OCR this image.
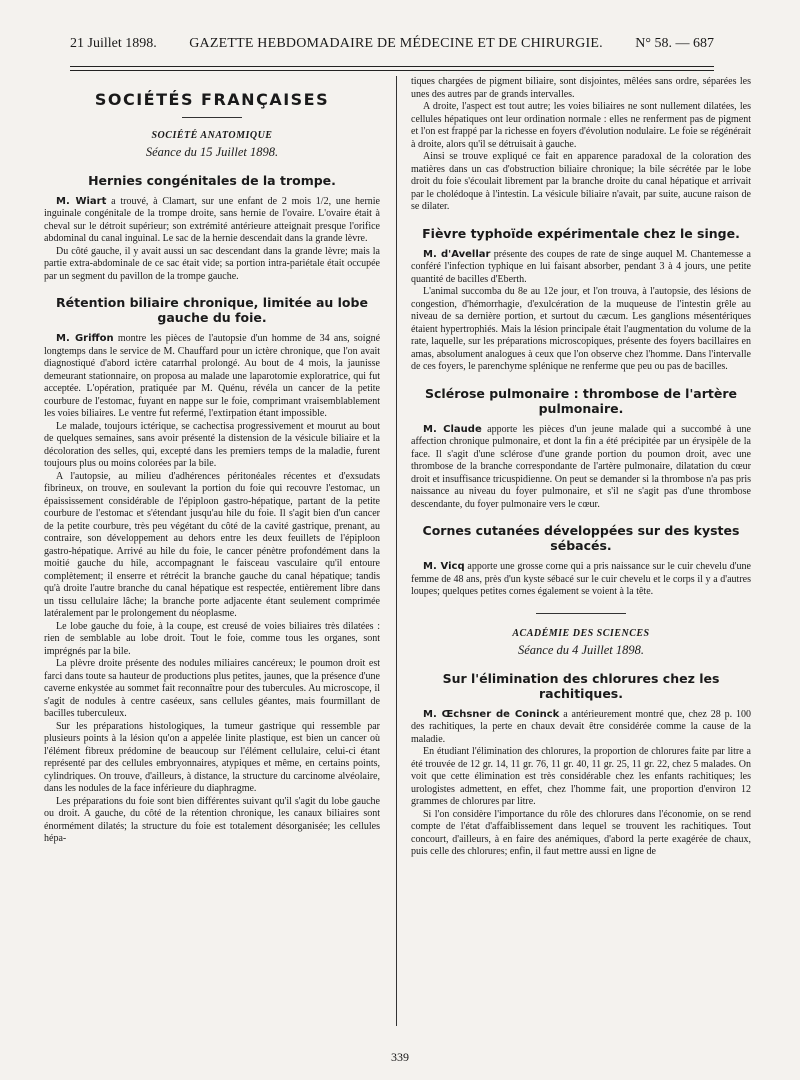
21 Juillet 1898. GAZETTE HEBDOMADAIRE DE MÉDECINE ET DE CHIRURGIE. N° 58. — 687
SOCIÉTÉS FRANÇAISES
SOCIÉTÉ ANATOMIQUE
Séance du 15 Juillet 1898.
Hernies congénitales de la trompe.

M. Wiart a trouvé, à Clamart, sur une enfant de 2 mois 1/2, une hernie inguinale congénitale de la trompe droite, sans hernie de l'ovaire. L'ovaire était à cheval sur le détroit supérieur; son extrémité antérieure atteignait presque l'orifice abdominal du canal inguinal. Le sac de la hernie descendait dans la grande lèvre.

Du côté gauche, il y avait aussi un sac descendant dans la grande lèvre; mais la partie extra-abdominale de ce sac était vide; sa portion intra-pariétale était occupée par un segment du pavillon de la trompe gauche.

Rétention biliaire chronique, limitée au lobe gauche du foie.

M. Griffon montre les pièces de l'autopsie d'un homme de 34 ans, soigné longtemps dans le service de M. Chauffard pour un ictère chronique, que l'on avait diagnostiqué d'abord ictère catarrhal prolongé. Au bout de 4 mois, la jaunisse demeurant stationnaire, on proposa au malade une laparotomie exploratrice, qui fut acceptée. L'opération, pratiquée par M. Quénu, révéla un cancer de la petite courbure de l'estomac, fuyant en nappe sur le foie, comprimant vraisemblablement les voies biliaires. Le ventre fut refermé, l'extirpation étant impossible.

Le malade, toujours ictérique, se cachectisa progressivement et mourut au bout de quelques semaines, sans avoir présenté la distension de la vésicule biliaire et la décoloration des selles, qui, excepté dans les premiers temps de la maladie, furent toujours plus ou moins colorées par la bile.

A l'autopsie, au milieu d'adhérences péritonéales récentes et d'exsudats fibrineux, on trouve, en soulevant la portion du foie qui recouvre l'estomac, un épaississement considérable de l'épiploon gastro-hépatique, partant de la petite courbure de l'estomac et s'étendant jusqu'au hile du foie. Il s'agit bien d'un cancer de la petite courbure, très peu végétant du côté de la cavité gastrique, prenant, au contraire, son développement au dehors entre les deux feuillets de l'épiploon gastro-hépatique. Arrivé au hile du foie, le cancer pénètre profondément dans la moitié gauche du hile, accompagnant le faisceau vasculaire qu'il entoure complètement; il enserre et rétrécit la branche gauche du canal hépatique; tandis qu'à droite l'autre branche du canal hépatique est respectée, entièrement libre dans un tissu cellulaire lâche; la branche porte adjacente étant seulement comprimée latéralement par le prolongement du néoplasme.

Le lobe gauche du foie, à la coupe, est creusé de voies biliaires très dilatées : rien de semblable au lobe droit. Tout le foie, comme tous les organes, sont imprégnés par la bile.

La plèvre droite présente des nodules miliaires cancéreux; le poumon droit est farci dans toute sa hauteur de productions plus petites, jaunes, que la présence d'une caverne enkystée au sommet fait reconnaître pour des tubercules. Au microscope, il s'agit de nodules à centre caséeux, sans cellules géantes, mais fourmillant de bacilles tuberculeux.

Sur les préparations histologiques, la tumeur gastrique qui ressemble par plusieurs points à la lésion qu'on a appelée linite plastique, est bien un cancer où l'élément fibreux prédomine de beaucoup sur l'élément cellulaire, celui-ci étant représenté par des cellules embryonnaires, atypiques et même, en certains points, cylindriques. On trouve, d'ailleurs, à distance, la structure du carcinome alvéolaire, dans les nodules de la face inférieure du diaphragme.

Les préparations du foie sont bien différentes suivant qu'il s'agit du lobe gauche ou droit. A gauche, du côté de la rétention chronique, les canaux biliaires sont énormément dilatés; la structure du foie est totalement désorganisée; les cellules hépa-

tiques chargées de pigment biliaire, sont disjointes, mêlées sans ordre, séparées les unes des autres par de grands intervalles.

A droite, l'aspect est tout autre; les voies biliaires ne sont nullement dilatées, les cellules hépatiques ont leur ordination normale : elles ne renferment pas de pigment et l'on est frappé par la richesse en foyers d'évolution nodulaire. Le foie se régénérait à droite, alors qu'il se détruisait à gauche.

Ainsi se trouve expliqué ce fait en apparence paradoxal de la coloration des matières dans un cas d'obstruction biliaire chronique; la bile sécrétée par le lobe droit du foie s'écoulait librement par la branche droite du canal hépatique et arrivait par le cholédoque à l'intestin. La vésicule biliaire n'avait, par suite, aucune raison de se dilater.

Fièvre typhoïde expérimentale chez le singe.

M. d'Avellar présente des coupes de rate de singe auquel M. Chantemesse a conféré l'infection typhique en lui faisant absorber, pendant 3 à 4 jours, une petite quantité de bacilles d'Eberth.

L'animal succomba du 8e au 12e jour, et l'on trouva, à l'autopsie, des lésions de congestion, d'hémorrhagie, d'exulcération de la muqueuse de l'intestin grêle au niveau de sa dernière portion, et surtout du cæcum. Les ganglions mésentériques étaient hypertrophiés. Mais la lésion principale était l'augmentation du volume de la rate, laquelle, sur les préparations microscopiques, présente des foyers bacillaires en amas, absolument analogues à ceux que l'on observe chez l'homme. Dans l'intervalle de ces foyers, le parenchyme splénique ne renferme que peu ou pas de bacilles.

Sclérose pulmonaire : thrombose de l'artère pulmonaire.

M. Claude apporte les pièces d'un jeune malade qui a succombé à une affection chronique pulmonaire, et dont la fin a été précipitée par un érysipèle de la face. Il s'agit d'une sclérose d'une grande portion du poumon droit, avec une thrombose de la branche correspondante de l'artère pulmonaire, dilatation du cœur droit et insuffisance tricuspidienne. On peut se demander si la thrombose n'a pas pris naissance au niveau du foyer pulmonaire, et s'il ne s'agit pas d'une thrombose descendante, du foyer pulmonaire vers le cœur.

Cornes cutanées développées sur des kystes sébacés.

M. Vicq apporte une grosse corne qui a pris naissance sur le cuir chevelu d'une femme de 48 ans, près d'un kyste sébacé sur le cuir chevelu et le corps il y a d'autres loupes; quelques petites cornes également se voient à la tête.

ACADÉMIE DES SCIENCES
Séance du 4 Juillet 1898.
Sur l'élimination des chlorures chez les rachitiques.

M. Œchsner de Coninck a antérieurement montré que, chez 28 p. 100 des rachitiques, la perte en chaux devait être considérée comme la cause de la maladie.

En étudiant l'élimination des chlorures, la proportion de chlorures faite par litre a été trouvée de 12 gr. 14, 11 gr. 76, 11 gr. 40, 11 gr. 25, 11 gr. 22, chez 5 malades. On voit que cette élimination est très considérable chez les enfants rachitiques; les urologistes admettent, en effet, chez l'homme fait, une proportion d'environ 12 grammes de chlorures par litre.

Si l'on considère l'importance du rôle des chlorures dans l'économie, on se rend compte de l'état d'affaiblissement dans lequel se trouvent les rachitiques. Tout concourt, d'ailleurs, à en faire des anémiques, d'abord la perte exagérée de chaux, puis celle des chlorures; enfin, il faut mettre aussi en ligne de

339
